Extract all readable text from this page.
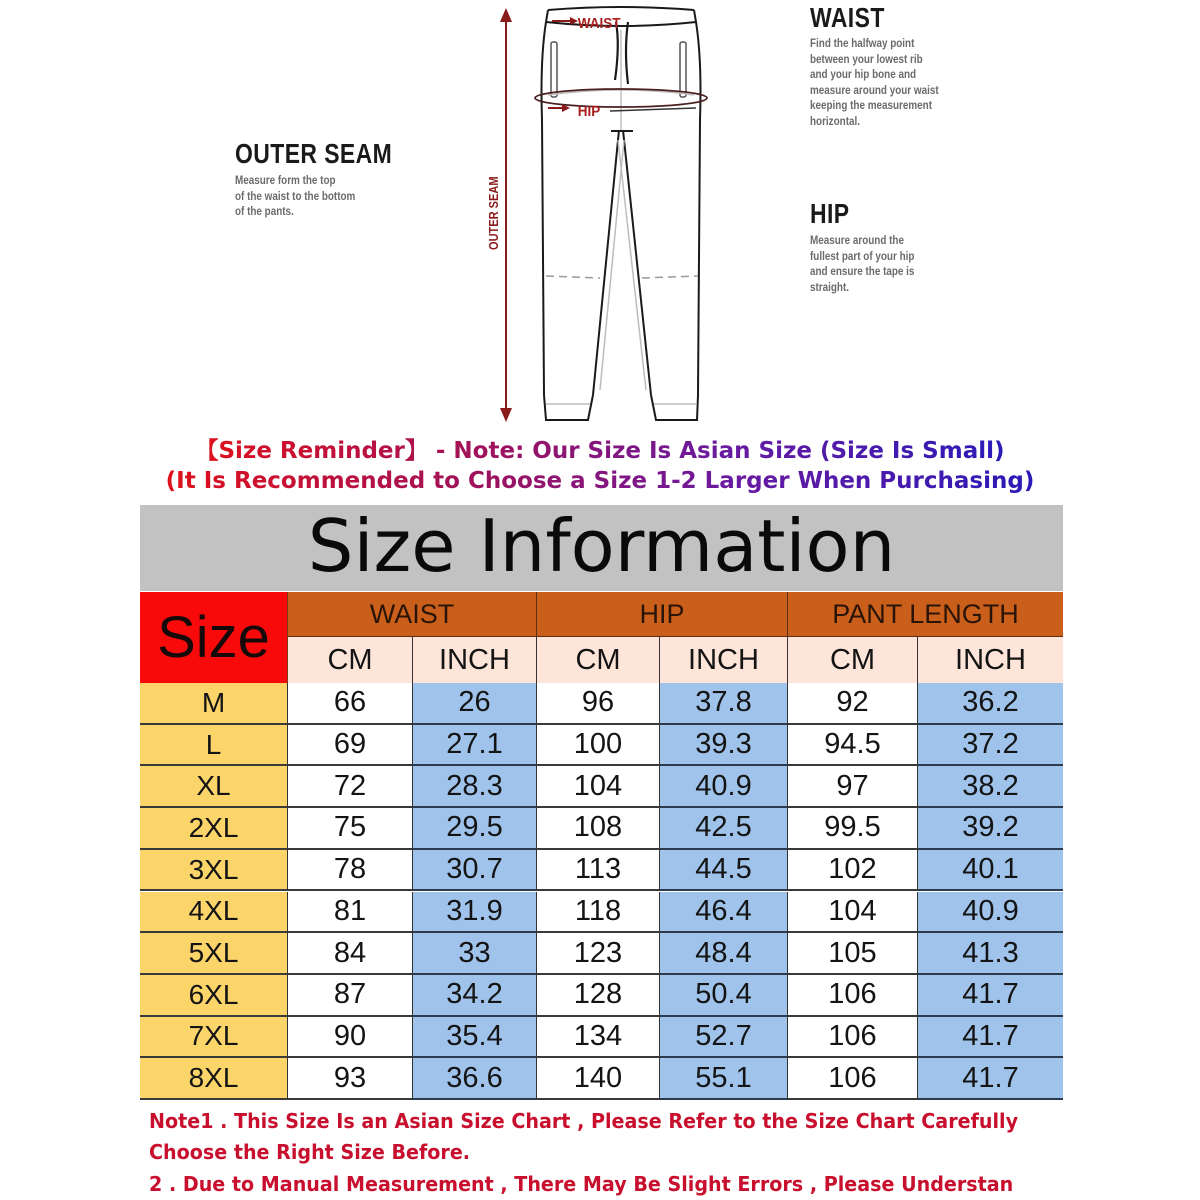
WAIST
HIP
OUTER SEAM
OUTER SEAM
Measure form the top
of the waist to the bottom
of the pants.
WAIST
Find the halfway point
between your lowest rib
and your hip bone and
measure around your waist
keeping the measurement
horizontal.
HIP
Measure around the
fullest part of your hip
and ensure the tape is
straight.
【Size Reminder】 - Note: Our Size Is Asian Size (Size Is Small)
(It Is Recommended to Choose a Size 1-2 Larger When Purchasing)
Size Information
Size	WAIST	HIP	PANT LENGTH
CM	INCH	CM	INCH	CM	INCH
M	66	26	96	37.8	92	36.2
L	69	27.1	100	39.3	94.5	37.2
XL	72	28.3	104	40.9	97	38.2
2XL	75	29.5	108	42.5	99.5	39.2
3XL	78	30.7	113	44.5	102	40.1
4XL	81	31.9	118	46.4	104	40.9
5XL	84	33	123	48.4	105	41.3
6XL	87	34.2	128	50.4	106	41.7
7XL	90	35.4	134	52.7	106	41.7
8XL	93	36.6	140	55.1	106	41.7
Note1 . This Size Is an Asian Size Chart , Please Refer to the Size Chart Carefully
Choose the Right Size Before.
2 . Due to Manual Measurement , There May Be Slight Errors , Please Understan
